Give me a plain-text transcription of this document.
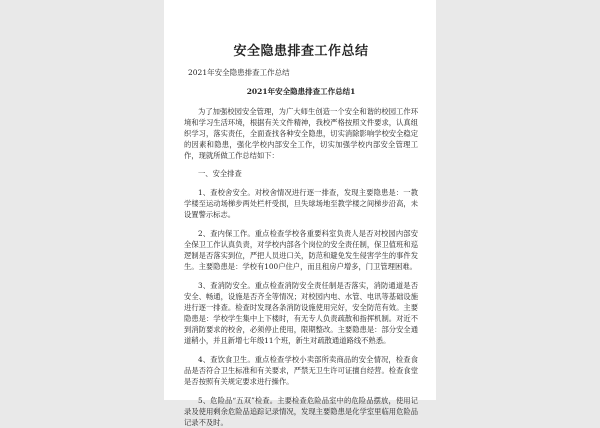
安全隐患排查工作总结
2021年安全隐患排查工作总结
2021年安全隐患排查工作总结1
为了加强校园安全管理，为广大师生创造一个安全和谐的校园工作环境和学习生活环境，根据有关文件精神，我校严格按照文件要求，认真组织学习，落实责任，全面查找各种安全隐患，切实消除影响学校安全稳定的因素和隐患，强化学校内部安全工作，切实加强学校内部安全管理工作，现就所做工作总结如下：
一、安全排查
1、查校舍安全。对校舍情况进行逐一排查，发现主要隐患是：一教学楼至运动场梯步两处栏杆受损，旦失球场地至教学楼之间梯步沿高，未设置警示标志。
2、查内保工作。重点检查学校各重要科室负责人是否对校园内部安全保卫工作认真负责，对学校内部各个岗位的安全责任制，保卫值班和巡逻制是否落实到位，严把人员进口关，防范和避免发生侵害学生的事件发生。主要隐患是：学校有100户住户，而且租房户增多，门卫管理困难。
3、查消防安全。重点检查消防安全责任制是否落实，消防通道是否安全、畅通，设施是否齐全等情况；对校园内电、水管、电讯等基础设施进行逐一排查。检查时发现各条消防设施使用完好，安全防范有效。主要隐患是：学校学生集中上下楼时，有无专人负责疏散和指挥机制。对近不到消防要求的校舍，必须停止使用，限期整改。主要隐患是：部分安全通道稍小，并且新增七年级11个班，新生对疏散通道路线不熟悉。
4、查饮食卫生。重点检查学校小卖部所卖商品的安全情况，检查食品是否符合卫生标准和有关要求，严禁无卫生许可证擅自经营。检查食堂是否按照有关规定要求进行操作。
5、危险品“五双”检查。主要检查危险品室中的危险品摆放，使用记录及使用剩余危险品追踪记录情况，发现主要隐患是化学室里临用危险品记录不及时。
